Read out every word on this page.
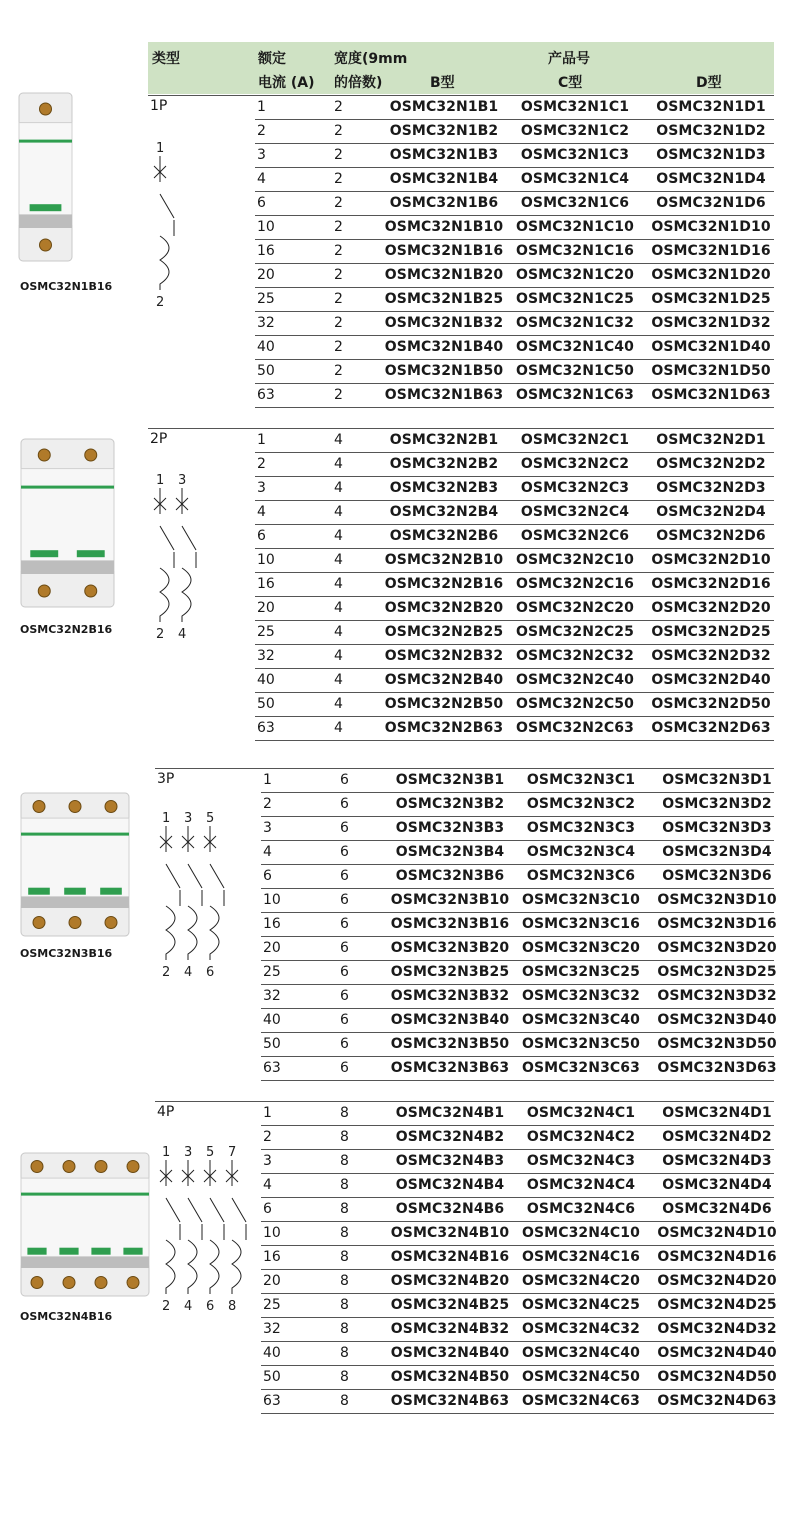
类型	额定
电流 (A)
宽度(9mm
的倍数)
产品号
B型	C型	D型
1P	1	2	OSMC32N1B1 OSMC32N1C1 OSMC32N1D1
2	2	OSMC32N1B2 OSMC32N1C2 OSMC32N1D2
3	2	OSMC32N1B3 OSMC32N1C3 OSMC32N1D3
4	2	OSMC32N1B4 OSMC32N1C4 OSMC32N1D4
6	2	OSMC32N1B6 OSMC32N1C6 OSMC32N1D6
10	2	OSMC32N1B10 OSMC32N1C10 OSMC32N1D10
16	2	OSMC32N1B16 OSMC32N1C16 OSMC32N1D16
20	2	OSMC32N1B20 OSMC32N1C20 OSMC32N1D20
25	2	OSMC32N1B25 OSMC32N1C25 OSMC32N1D25
32	2	OSMC32N1B32 OSMC32N1C32 OSMC32N1D32
40	2	OSMC32N1B40 OSMC32N1C40 OSMC32N1D40
50	2	OSMC32N1B50 OSMC32N1C50 OSMC32N1D50
63	2	OSMC32N1B63 OSMC32N1C63 OSMC32N1D63
OSMC32N1B16
1
2
2P	1	4	OSMC32N2B1 OSMC32N2C1 OSMC32N2D1
2	4	OSMC32N2B2 OSMC32N2C2 OSMC32N2D2
3	4	OSMC32N2B3 OSMC32N2C3 OSMC32N2D3
4	4	OSMC32N2B4 OSMC32N2C4 OSMC32N2D4
6	4	OSMC32N2B6 OSMC32N2C6 OSMC32N2D6
10	4	OSMC32N2B10 OSMC32N2C10 OSMC32N2D10
16	4	OSMC32N2B16 OSMC32N2C16 OSMC32N2D16
20	4	OSMC32N2B20 OSMC32N2C20 OSMC32N2D20
25	4	OSMC32N2B25 OSMC32N2C25 OSMC32N2D25
32	4	OSMC32N2B32 OSMC32N2C32 OSMC32N2D32
40	4	OSMC32N2B40 OSMC32N2C40 OSMC32N2D40
50	4	OSMC32N2B50 OSMC32N2C50 OSMC32N2D50
63	4	OSMC32N2B63 OSMC32N2C63 OSMC32N2D63
OSMC32N2B16
1
2
3
4
3P	1	6	OSMC32N3B1 OSMC32N3C1 OSMC32N3D1
2	6	OSMC32N3B2 OSMC32N3C2 OSMC32N3D2
3	6	OSMC32N3B3 OSMC32N3C3 OSMC32N3D3
4	6	OSMC32N3B4 OSMC32N3C4 OSMC32N3D4
6	6	OSMC32N3B6 OSMC32N3C6 OSMC32N3D6
10	6	OSMC32N3B10 OSMC32N3C10 OSMC32N3D10
16	6	OSMC32N3B16 OSMC32N3C16 OSMC32N3D16
20	6	OSMC32N3B20 OSMC32N3C20 OSMC32N3D20
25	6	OSMC32N3B25 OSMC32N3C25 OSMC32N3D25
32	6	OSMC32N3B32 OSMC32N3C32 OSMC32N3D32
40	6	OSMC32N3B40 OSMC32N3C40 OSMC32N3D40
50	6	OSMC32N3B50 OSMC32N3C50 OSMC32N3D50
63	6	OSMC32N3B63 OSMC32N3C63 OSMC32N3D63
OSMC32N3B16
1
2
3
4
5
6
4P	1	8	OSMC32N4B1 OSMC32N4C1 OSMC32N4D1
2	8	OSMC32N4B2 OSMC32N4C2 OSMC32N4D2
3	8	OSMC32N4B3 OSMC32N4C3 OSMC32N4D3
4	8	OSMC32N4B4 OSMC32N4C4 OSMC32N4D4
6	8	OSMC32N4B6 OSMC32N4C6 OSMC32N4D6
10	8	OSMC32N4B10 OSMC32N4C10 OSMC32N4D10
16	8	OSMC32N4B16 OSMC32N4C16 OSMC32N4D16
20	8	OSMC32N4B20 OSMC32N4C20 OSMC32N4D20
25	8	OSMC32N4B25 OSMC32N4C25 OSMC32N4D25
32	8	OSMC32N4B32 OSMC32N4C32 OSMC32N4D32
40	8	OSMC32N4B40 OSMC32N4C40 OSMC32N4D40
50	8	OSMC32N4B50 OSMC32N4C50 OSMC32N4D50
63	8	OSMC32N4B63 OSMC32N4C63 OSMC32N4D63
OSMC32N4B16
1
2
3
4
5
6
7
8
